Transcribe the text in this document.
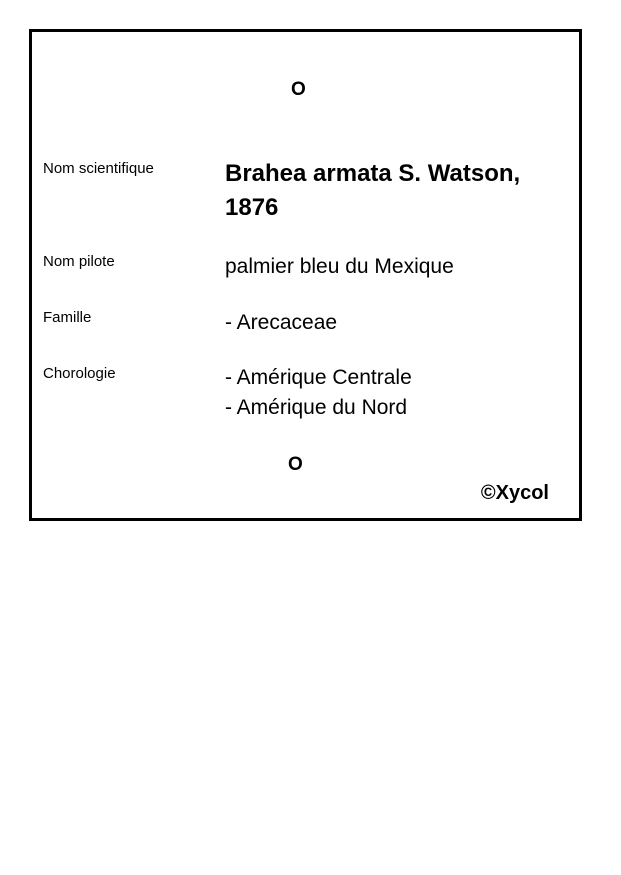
O
Nom scientifique	Brahea armata S. Watson, 1876
Nom pilote	palmier bleu du Mexique
Famille	- Arecaceae
Chorologie	- Amérique Centrale
- Amérique du Nord
O
©Xycol
